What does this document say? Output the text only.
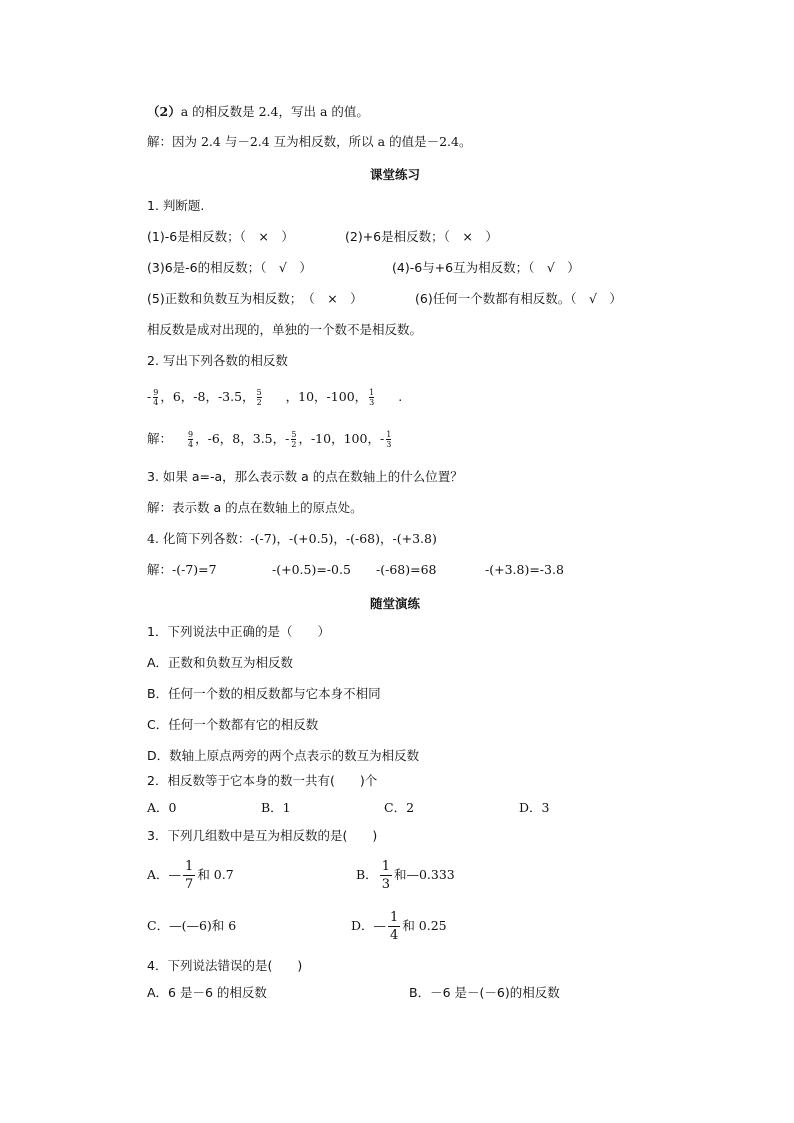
（2）a 的相反数是 2.4，写出 a 的值。
解：因为 2.4 与－2.4 互为相反数，所以 a 的值是－2.4。
课堂练习
1. 判断题.
(1)-6是相反数；（　×　）	(2)+6是相反数；（　×　）
(3)6是-6的相反数；（　√　）	(4)-6与+6互为相反数；（　√　）
(5)正数和负数互为相反数；　（　×　）	(6)任何一个数都有相反数。（　√　）
相反数是成对出现的，单独的一个数不是相反数。
2. 写出下列各数的相反数
- $\frac{9}{4}$ ，6，-8，-3.5， $\frac{5}{2}$ ，10，-100， $\frac{1}{3}$ .
解： $\frac{9}{4}$ ，-6，8，3.5，- $\frac{5}{2}$ ，-10，100，- $\frac{1}{3}$
3. 如果 a=-a，那么表示数 a 的点在数轴上的什么位置？
解：表示数 a 的点在数轴上的原点处。
4. 化简下列各数：-(-7)，-(+0.5)，-(-68)，-(+3.8)
解：-(-7)=7	-(+0.5)=-0.5 -(-68)=68	-(+3.8)=-3.8
随堂演练
1．下列说法中正确的是（　　）
A．正数和负数互为相反数
B．任何一个数的相反数都与它本身不相同
C．任何一个数都有它的相反数
D．数轴上原点两旁的两个点表示的数互为相反数
2．相反数等于它本身的数一共有(　　)个
A．0	B．1	C．2	D．3
3．下列几组数中是互为相反数的是(　　)
A．— $\frac{1}{7}$ 和 0.7	B． $\frac{1}{3}$ 和—0.333
C．—(—6)和 6	D．— $\frac{1}{4}$ 和 0.25
4．下列说法错误的是(　　)
A．6 是－6 的相反数	B．－6 是－(－6)的相反数
